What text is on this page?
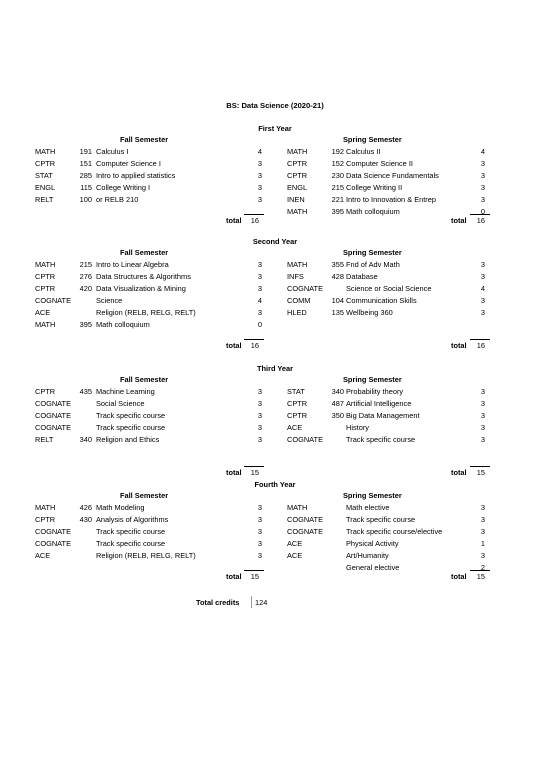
BS: Data Science (2020-21)
First Year
Fall Semester
MATH	191 Calculus I	4
CPTR	151 Computer Science I	3
STAT	285 Intro to applied statistics	3
ENGL	115 College Writing I	3
RELT	100 or RELB 210	3
total	16
Spring Semester
MATH	192 Calculus II	4
CPTR	152 Computer Science II	3
CPTR	230 Data Science Fundamentals	3
ENGL	215 College Writing II	3
INEN	221 Intro to Innovation & Entrep	3
MATH	395 Math colloquium	0
total	16
Second Year
Fall Semester
MATH	215 Intro to Linear Algebra	3
CPTR	276 Data Structures & Algorithms	3
CPTR	420 Data Visualization & Mining	3
COGNATE	Science	4
ACE	Religion (RELB, RELG, RELT)	3
MATH	395 Math colloquium	0
total	16
Spring Semester
MATH	355 Fnd of Adv Math	3
INFS	428 Database	3
COGNATE	Science or Social Science	4
COMM	104 Communication Skills	3
HLED	135 Wellbeing 360	3
total	16
Third Year
Fall Semester
CPTR	435 Machine Learning	3
COGNATE	Social Science	3
COGNATE	Track specific course	3
COGNATE	Track specific course	3
RELT	340 Religion and Ethics	3
total	15
Spring Semester
STAT	340 Probability theory	3
CPTR	487 Artificial Intelligence	3
CPTR	350 Big Data Management	3
ACE	History	3
COGNATE	Track specific course	3
total	15
Fourth Year
Fall Semester
MATH	426 Math Modeling	3
CPTR	430 Analysis of Algorithms	3
COGNATE	Track specific course	3
COGNATE	Track specific course	3
ACE	Religion (RELB, RELG, RELT)	3
total	15
Spring Semester
MATH	Math elective	3
COGNATE	Track specific course	3
COGNATE	Track specific course/elective	3
ACE	Physical Activity	1
ACE	Art/Humanity	3
General elective	2
total	15
Total credits 124
